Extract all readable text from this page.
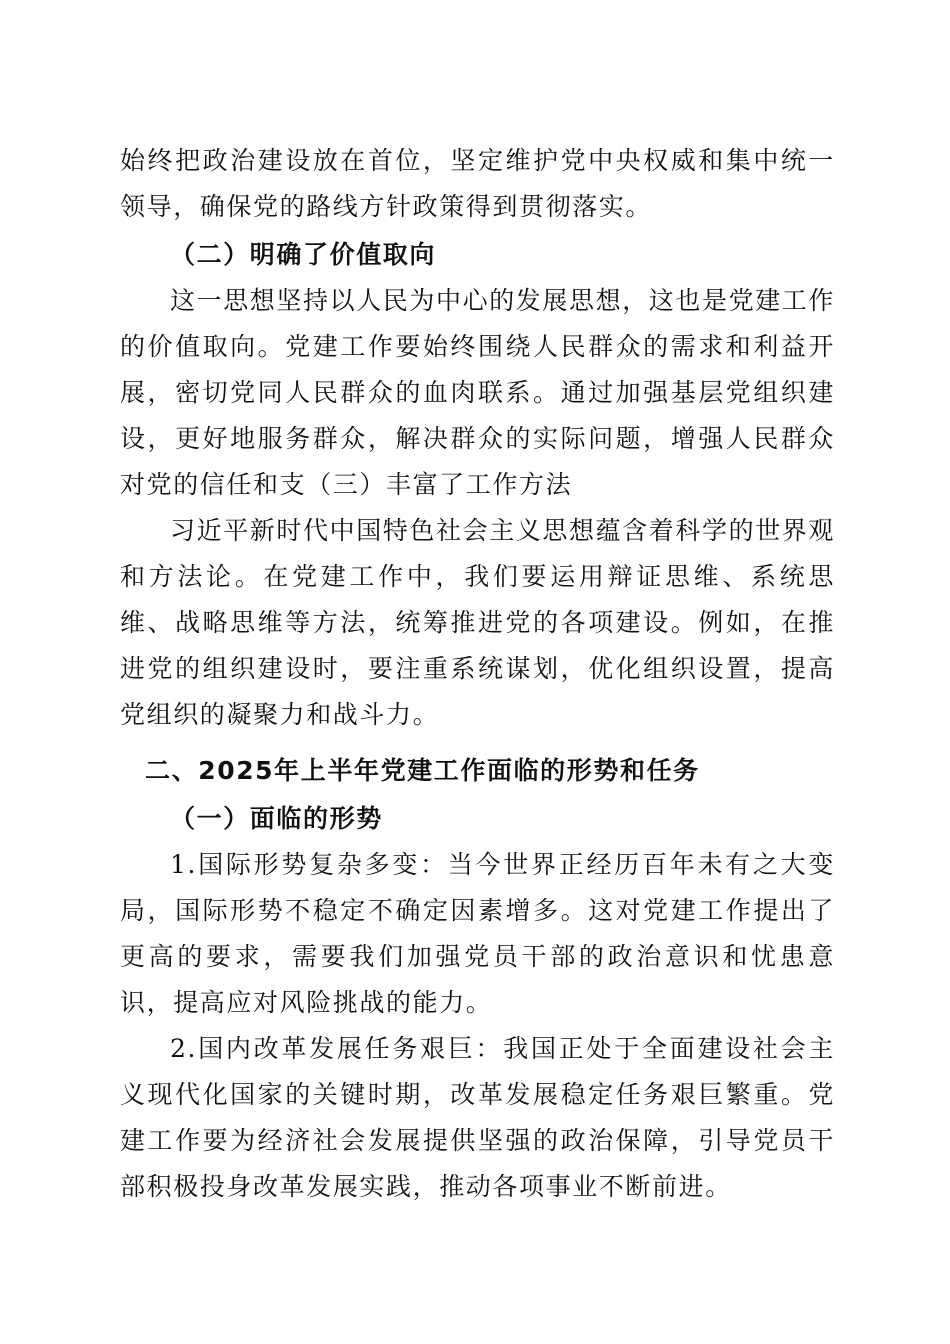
始终把政治建设放在首位，坚定维护党中央权威和集中统一领导，确保党的路线方针政策得到贯彻落实。

（二）明确了价值取向

这一思想坚持以人民为中心的发展思想，这也是党建工作的价值取向。党建工作要始终围绕人民群众的需求和利益开展，密切党同人民群众的血肉联系。通过加强基层党组织建设，更好地服务群众，解决群众的实际问题，增强人民群众对党的信任和支（三）丰富了工作方法

习近平新时代中国特色社会主义思想蕴含着科学的世界观和方法论。在党建工作中，我们要运用辩证思维、系统思维、战略思维等方法，统筹推进党的各项建设。例如，在推进党的组织建设时，要注重系统谋划，优化组织设置，提高党组织的凝聚力和战斗力。

二、2025年上半年党建工作面临的形势和任务

（一）面临的形势

1.国际形势复杂多变：当今世界正经历百年未有之大变局，国际形势不稳定不确定因素增多。这对党建工作提出了更高的要求，需要我们加强党员干部的政治意识和忧患意识，提高应对风险挑战的能力。

2.国内改革发展任务艰巨：我国正处于全面建设社会主义现代化国家的关键时期，改革发展稳定任务艰巨繁重。党建工作要为经济社会发展提供坚强的政治保障，引导党员干部积极投身改革发展实践，推动各项事业不断前进。
